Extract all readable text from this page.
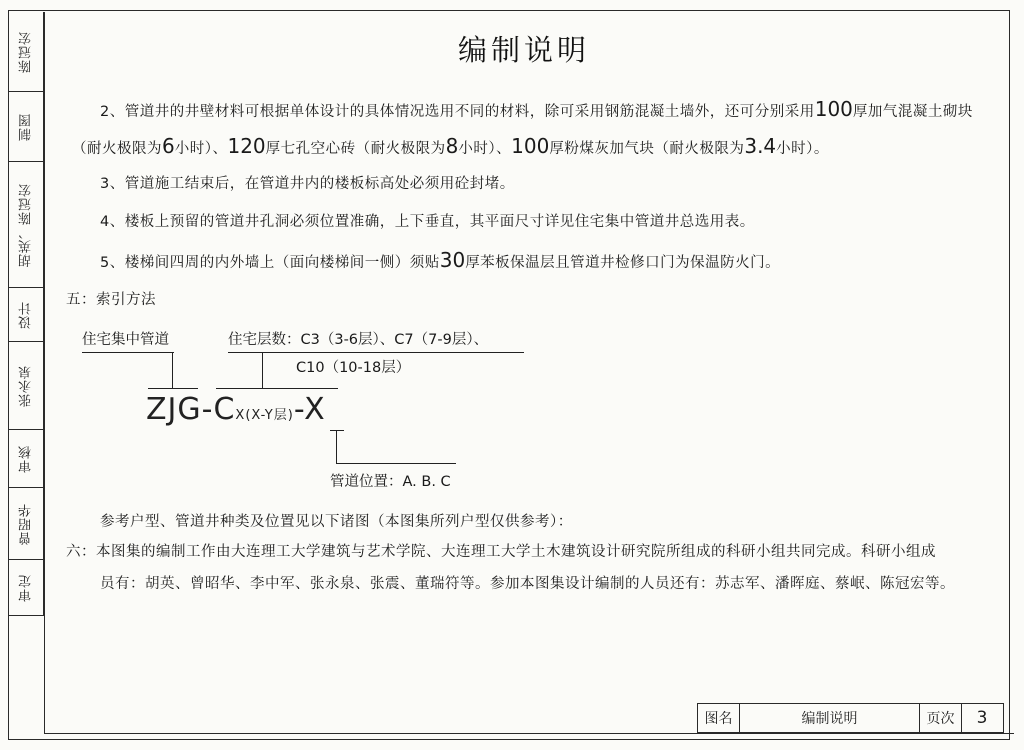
审定
曾昭华
审核
张永泉
设计
胡英、陈冠宏
制图
陈冠宏	编制说明
2、管道井的井壁材料可根据单体设计的具体情况选用不同的材料，除可采用钢筋混凝土墙外，还可分别采用100厚加气混凝土砌块
（耐火极限为6小时）、120厚七孔空心砖（耐火极限为8小时）、100厚粉煤灰加气块（耐火极限为3.4小时）。
3、管道施工结束后，在管道井内的楼板标高处必须用砼封堵。
4、楼板上预留的管道井孔洞必须位置准确，上下垂直，其平面尺寸详见住宅集中管道井总选用表。
5、楼梯间四周的内外墙上（面向楼梯间一侧）须贴30厚苯板保温层且管道井检修口门为保温防火门。
五：索引方法
住宅集中管道	住宅层数：C3（3-6层）、C7（7-9层）、
C10（10-18层）
ZJG-CX(X-Y层)-X
管道位置：A. B. C
参考户型、管道井种类及位置见以下诸图（本图集所列户型仅供参考）：
六：本图集的编制工作由大连理工大学建筑与艺术学院、大连理工大学土木建筑设计研究院所组成的科研小组共同完成。科研小组成
员有：胡英、曾昭华、李中军、张永泉、张震、董瑞符等。参加本图集设计编制的人员还有：苏志军、潘晖庭、蔡岷、陈冠宏等。
图名	编制说明	页次	3
